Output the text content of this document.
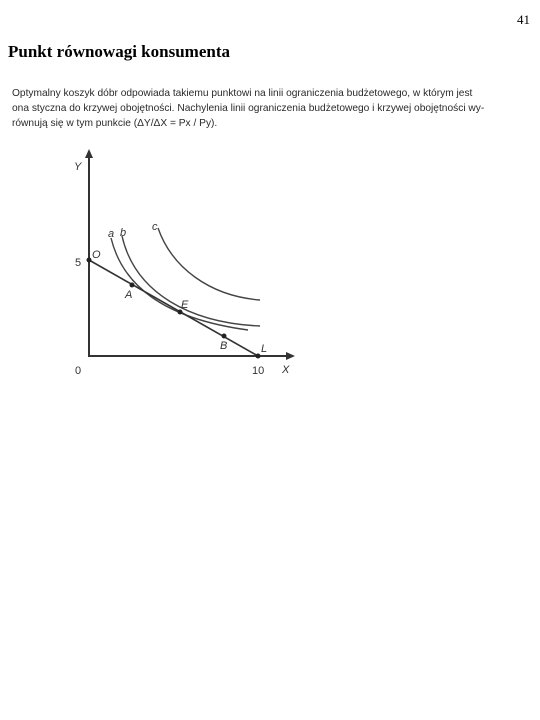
41
Punkt równowagi konsumenta
Optymalny koszyk dóbr odpowiada takiemu punktowi na linii ograniczenia budżetowego, w którym jest
ona styczna do krzywej obojętności. Nachylenia linii ograniczenia budżetowego i krzywej obojętności wy-
równują się w tym punkcie (ΔY/ΔX = Px / Py).
Y
X
0
5
10
O
L
A
E
B
a b c
